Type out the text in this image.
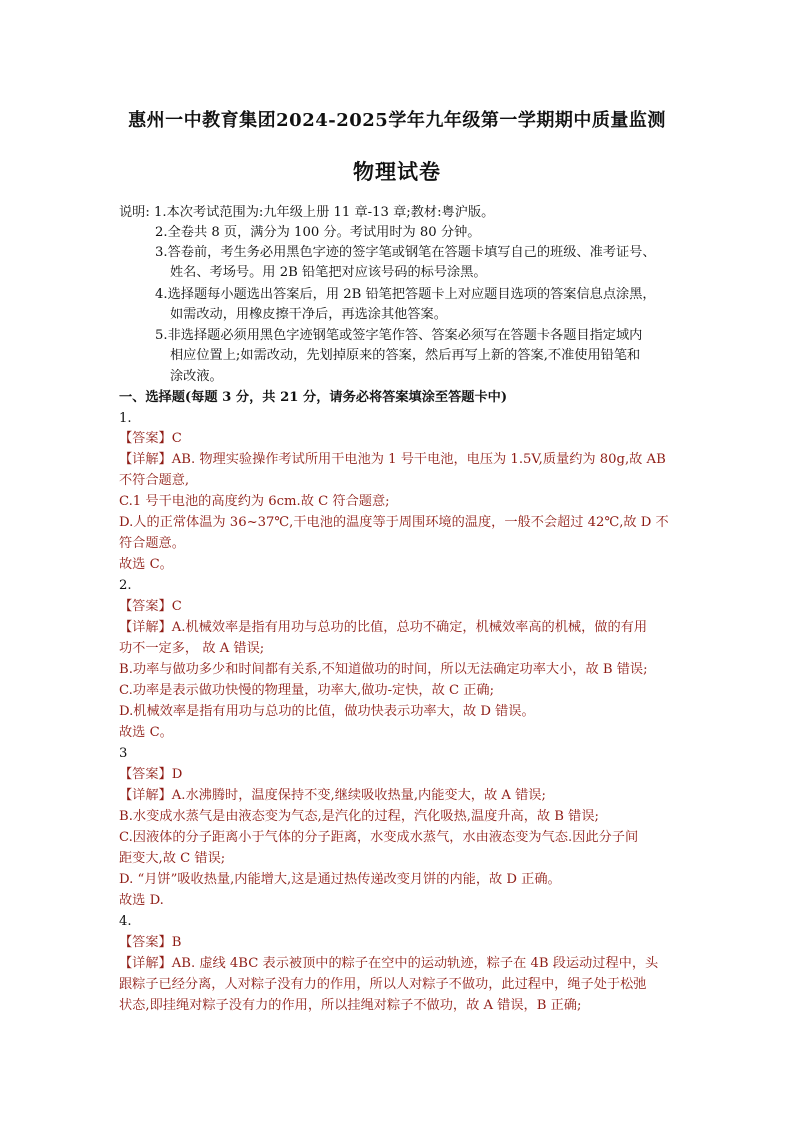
惠州一中教育集团2024-2025学年九年级第一学期期中质量监测
物理试卷
说明: 1.本次考试范围为:九年级上册 11 章-13 章;教材:粤沪版。
2.全卷共 8 页，满分为 100 分。考试用时为 80 分钟。
3.答卷前，考生务必用黑色字迹的签字笔或钢笔在答题卡填写自己的班级、准考证号、
姓名、考场号。用 2B 铅笔把对应该号码的标号涂黑。
4.选择题每小题选出答案后，用 2B 铅笔把答题卡上对应题目选项的答案信息点涂黑，
如需改动，用橡皮擦干净后，再选涂其他答案。
5.非选择题必须用黑色字迹钢笔或签字笔作答、答案必须写在答题卡各题目指定域内
相应位置上;如需改动，先划掉原来的答案，然后再写上新的答案,不准使用铅笔和
涂改液。
一、选择题(每题 3 分，共 21 分，请务必将答案填涂至答题卡中)
1.
【答案】C
【详解】AB. 物理实验操作考试所用干电池为 1 号干电池，电压为 1.5V,质量约为 80g,故 AB
不符合题意,
C.1 号干电池的高度约为 6cm.故 C 符合题意;
D.人的正常体温为 36~37℃,干电池的温度等于周围环境的温度，一般不会超过 42℃,故 D 不
符合题意。
故选 C。
2.
【答案】C
【详解】A.机械效率是指有用功与总功的比值，总功不确定，机械效率高的机械，做的有用
功不一定多， 故 A 错误;
B.功率与做功多少和时间都有关系,不知道做功的时间，所以无法确定功率大小，故 B 错误;
C.功率是表示做功快慢的物理量，功率大,做功-定快，故 C 正确;
D.机械效率是指有用功与总功的比值，做功快表示功率大，故 D 错误。
故选 C。
3
【答案】D
【详解】A.水沸腾时，温度保持不变,继续吸收热量,内能变大，故 A 错误;
B.水变成水蒸气是由液态变为气态,是汽化的过程，汽化吸热,温度升高，故 B 错误;
C.因液体的分子距离小于气体的分子距离，水变成水蒸气，水由液态变为气态.因此分子间
距变大,故 C 错误;
D. “月饼”吸收热量,内能增大,这是通过热传递改变月饼的内能，故 D 正确。
故选 D.
4.
【答案】B
【详解】AB. 虚线 4BC 表示被顶中的粽子在空中的运动轨迹，粽子在 4B 段运动过程中，头
跟粽子已经分离，人对粽子没有力的作用，所以人对粽子不做功，此过程中，绳子处于松弛
状态,即挂绳对粽子没有力的作用，所以挂绳对粽子不做功，故 A 错误，B 正确;
